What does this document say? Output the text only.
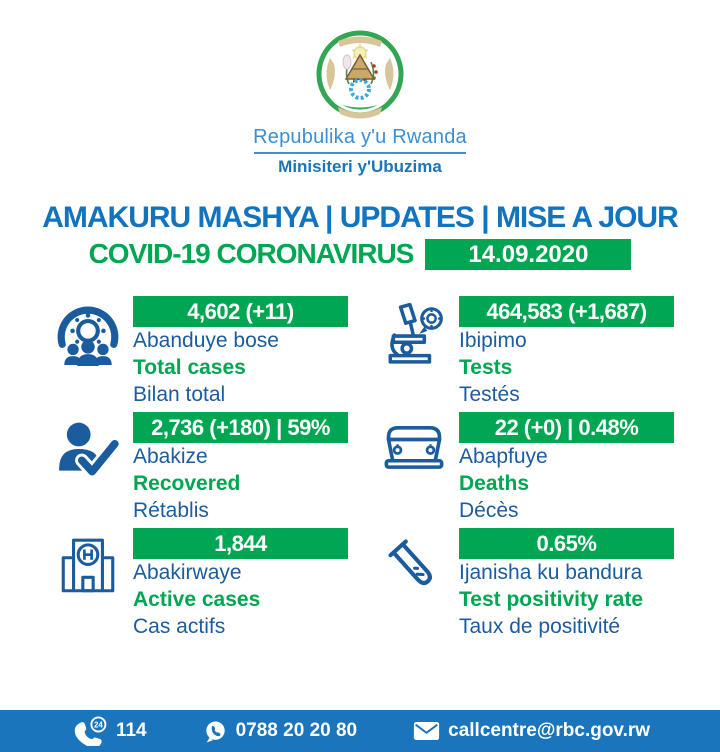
Repubulika y'u Rwanda
Minisiteri y'Ubuzima
AMAKURU MASHYA | UPDATES | MISE A JOUR
COVID-19 CORONAVIRUS	14.09.2020
4,602 (+11)
Abanduye bose
Total cases
Bilan total
464,583 (+1,687)
Ibipimo
Tests
Testés
2,736 (+180) | 59%
Abakize
Recovered
Rétablis
22 (+0) | 0.48%
Abapfuye
Deaths
Décès
1,844
Abakirwaye
Active cases
Cas actifs
0.65%
Ijanisha ku bandura
Test positivity rate
Taux de positivité
24 114	0788 20 20 80	callcentre@rbc.gov.rw
